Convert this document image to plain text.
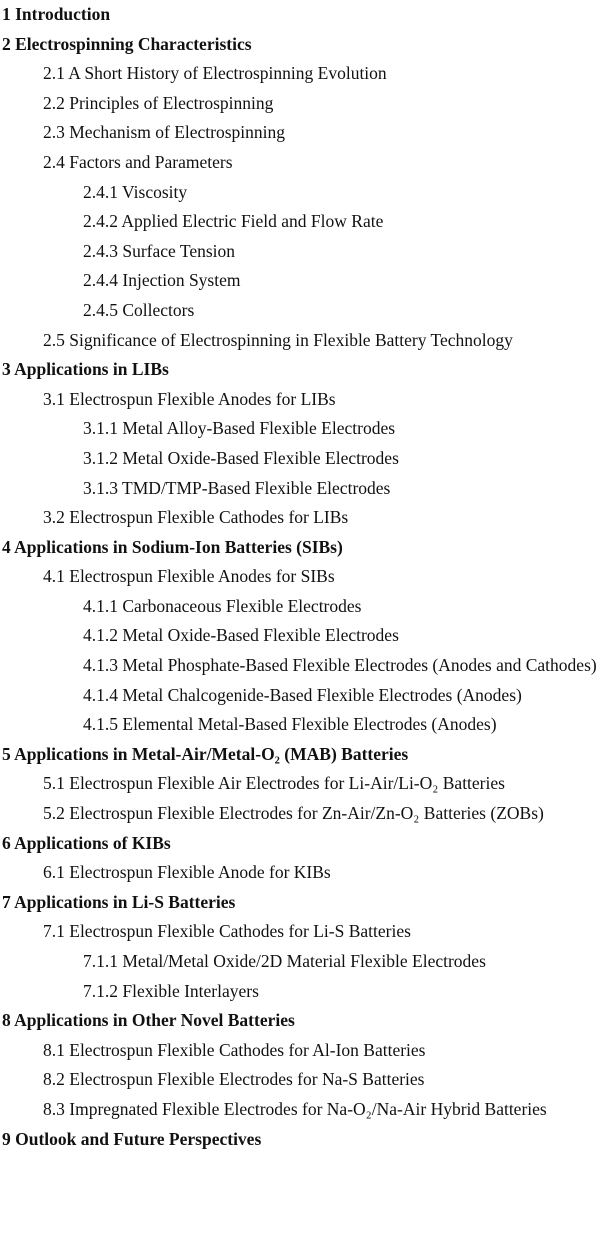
1 Introduction
2 Electrospinning Characteristics
2.1 A Short History of Electrospinning Evolution
2.2 Principles of Electrospinning
2.3 Mechanism of Electrospinning
2.4 Factors and Parameters
2.4.1 Viscosity
2.4.2 Applied Electric Field and Flow Rate
2.4.3 Surface Tension
2.4.4 Injection System
2.4.5 Collectors
2.5 Significance of Electrospinning in Flexible Battery Technology
3 Applications in LIBs
3.1 Electrospun Flexible Anodes for LIBs
3.1.1 Metal Alloy-Based Flexible Electrodes
3.1.2 Metal Oxide-Based Flexible Electrodes
3.1.3 TMD/TMP-Based Flexible Electrodes
3.2 Electrospun Flexible Cathodes for LIBs
4 Applications in Sodium-Ion Batteries (SIBs)
4.1 Electrospun Flexible Anodes for SIBs
4.1.1 Carbonaceous Flexible Electrodes
4.1.2 Metal Oxide-Based Flexible Electrodes
4.1.3 Metal Phosphate-Based Flexible Electrodes (Anodes and Cathodes)
4.1.4 Metal Chalcogenide-Based Flexible Electrodes (Anodes)
4.1.5 Elemental Metal-Based Flexible Electrodes (Anodes)
5 Applications in Metal-Air/Metal-O₂ (MAB) Batteries
5.1 Electrospun Flexible Air Electrodes for Li-Air/Li-O₂ Batteries
5.2 Electrospun Flexible Electrodes for Zn-Air/Zn-O₂ Batteries (ZOBs)
6 Applications of KIBs
6.1 Electrospun Flexible Anode for KIBs
7 Applications in Li-S Batteries
7.1 Electrospun Flexible Cathodes for Li-S Batteries
7.1.1 Metal/Metal Oxide/2D Material Flexible Electrodes
7.1.2 Flexible Interlayers
8 Applications in Other Novel Batteries
8.1 Electrospun Flexible Cathodes for Al-Ion Batteries
8.2 Electrospun Flexible Electrodes for Na-S Batteries
8.3 Impregnated Flexible Electrodes for Na-O₂/Na-Air Hybrid Batteries
9 Outlook and Future Perspectives
